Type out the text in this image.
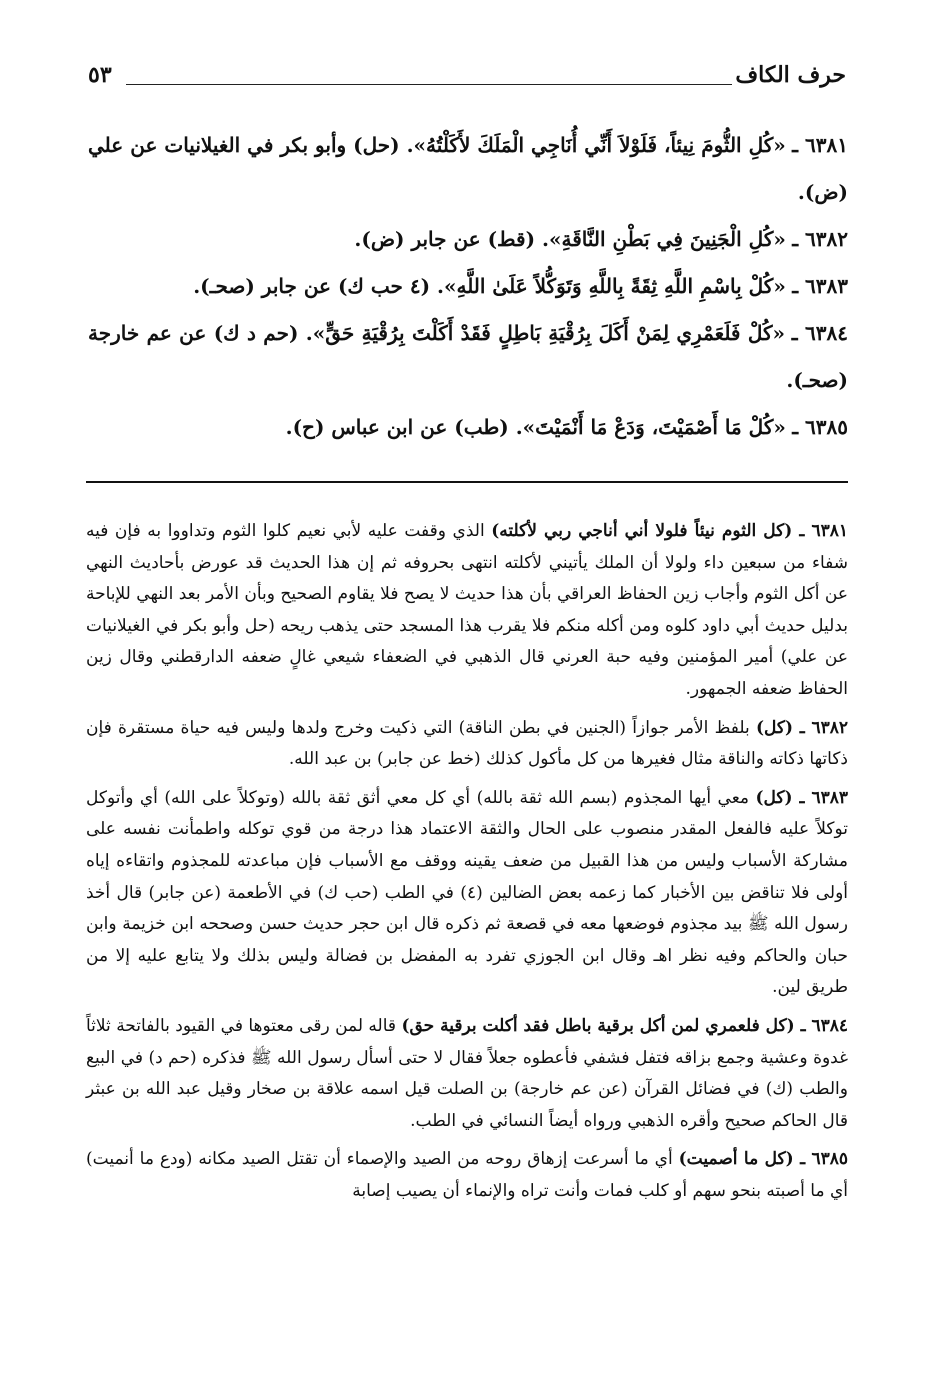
٥٣	حرف الكاف

٦٣٨١ ـ «كُلِ الثُّومَ نِيئاً، فَلَوْلاَ أَنِّي أُنَاجِي الْمَلَكَ لأَكَلْتُهُ». (حل) وأبو بكر في الغيلانيات عن علي (ض).

٦٣٨٢ ـ «كُلِ الْجَنِينَ فِي بَطْنِ النَّاقَةِ». (قط) عن جابر (ض).

٦٣٨٣ ـ «كُلْ بِاسْمِ اللَّهِ ثِقَةً بِاللَّهِ وَتَوَكُّلاً عَلَىٰ اللَّهِ». (٤ حب ك) عن جابر (صحـ).

٦٣٨٤ ـ «كُلْ فَلَعَمْرِي لِمَنْ أَكَلَ بِرُقْيَةِ بَاطِلٍ فَقَدْ أَكَلْتَ بِرُقْيَةِ حَقٍّ». (حم د ك) عن عم خارجة (صحـ).

٦٣٨٥ ـ «كُلْ مَا أَصْمَيْتَ، وَدَعْ مَا أَنْمَيْتَ». (طب) عن ابن عباس (ح).

٦٣٨١ ـ (كل الثوم نيئاً فلولا أني أناجي ربي لأكلته) الذي وقفت عليه لأبي نعيم كلوا الثوم وتداووا به فإن فيه شفاء من سبعين داء ولولا أن الملك يأتيني لأكلته انتهى بحروفه ثم إن هذا الحديث قد عورض بأحاديث النهي عن أكل الثوم وأجاب زين الحفاظ العراقي بأن هذا حديث لا يصح فلا يقاوم الصحيح وبأن الأمر بعد النهي للإباحة بدليل حديث أبي داود كلوه ومن أكله منكم فلا يقرب هذا المسجد حتى يذهب ريحه (حل وأبو بكر في الغيلانيات عن علي) أمير المؤمنين وفيه حبة العرني قال الذهبي في الضعفاء شيعي غالٍ ضعفه الدارقطني وقال زين الحفاظ ضعفه الجمهور.

٦٣٨٢ ـ (كل) بلفظ الأمر جوازاً (الجنين في بطن الناقة) التي ذكيت وخرج ولدها وليس فيه حياة مستقرة فإن ذكاتها ذكاته والناقة مثال فغيرها من كل مأكول كذلك (خط عن جابر) بن عبد الله.

٦٣٨٣ ـ (كل) معي أيها المجذوم (بسم الله ثقة بالله) أي كل معي أثق ثقة بالله (وتوكلاً على الله) أي وأتوكل توكلاً عليه فالفعل المقدر منصوب على الحال والثقة الاعتماد هذا درجة من قوي توكله واطمأنت نفسه على مشاركة الأسباب وليس من هذا القبيل من ضعف يقينه ووقف مع الأسباب فإن مباعدته للمجذوم واتقاءه إياه أولى فلا تناقض بين الأخبار كما زعمه بعض الضالين (٤) في الطب (حب ك) في الأطعمة (عن جابر) قال أخذ رسول الله ﷺ بيد مجذوم فوضعها معه في قصعة ثم ذكره قال ابن حجر حديث حسن وصححه ابن خزيمة وابن حبان والحاكم وفيه نظر اهـ وقال ابن الجوزي تفرد به المفضل بن فضالة وليس بذلك ولا يتابع عليه إلا من طريق لين.

٦٣٨٤ ـ (كل فلعمري لمن أكل برقية باطل فقد أكلت برقية حق) قاله لمن رقى معتوها في القيود بالفاتحة ثلاثاً غدوة وعشية وجمع بزاقه فتفل فشفي فأعطوه جعلاً فقال لا حتى أسأل رسول الله ﷺ فذكره (حم د) في البيع والطب (ك) في فضائل القرآن (عن عم خارجة) بن الصلت قيل اسمه علاقة بن صخار وقيل عبد الله بن عبثر قال الحاكم صحيح وأقره الذهبي ورواه أيضاً النسائي في الطب.

٦٣٨٥ ـ (كل ما أصميت) أي ما أسرعت إزهاق روحه من الصيد والإصماء أن تقتل الصيد مكانه (ودع ما أنميت) أي ما أصبته بنحو سهم أو كلب فمات وأنت تراه والإنماء أن يصيب إصابة
